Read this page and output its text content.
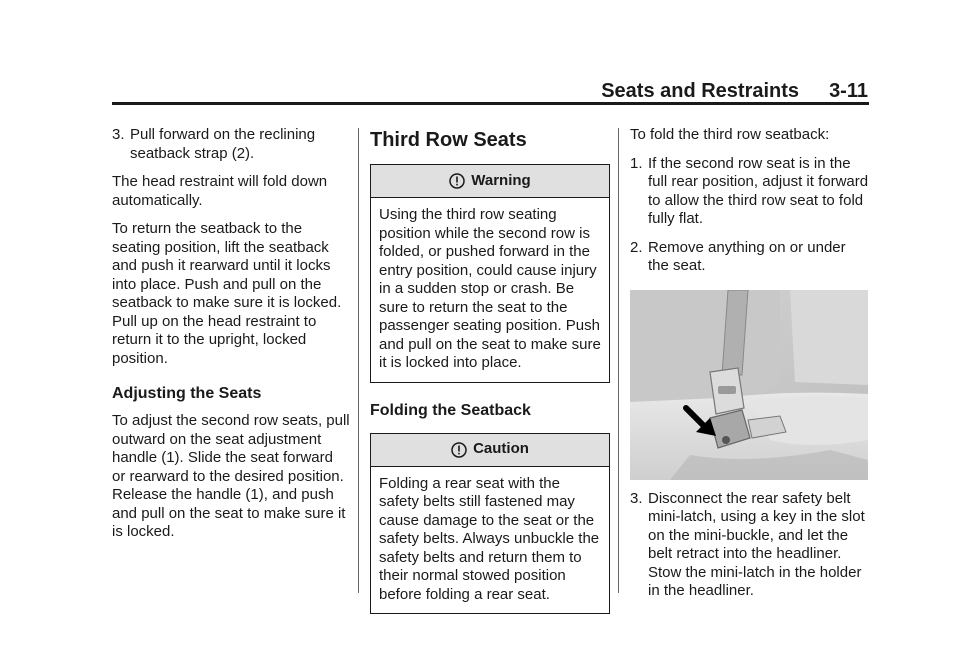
Seats and Restraints 3-11
3. Pull forward on the reclining seatback strap (2).

The head restraint will fold down automatically.

To return the seatback to the seating position, lift the seatback and push it rearward until it locks into place. Push and pull on the seatback to make sure it is locked. Pull up on the head restraint to return it to the upright, locked position.

Adjusting the Seats

To adjust the second row seats, pull outward on the seat adjustment handle (1). Slide the seat forward or rearward to the desired position. Release the handle (1), and push and pull on the seat to make sure it is locked.

Third Row Seats
Warning
Using the third row seating position while the second row is folded, or pushed forward in the entry position, could cause injury in a sudden stop or crash. Be sure to return the seat to the passenger seating position. Push and pull on the seat to make sure it is locked into place.
Folding the Seatback
Caution
Folding a rear seat with the safety belts still fastened may cause damage to the seat or the safety belts. Always unbuckle the safety belts and return them to their normal stowed position before folding a rear seat.

To fold the third row seatback:

1. If the second row seat is in the full rear position, adjust it forward to allow the third row seat to fold fully flat.
2. Remove anything on or under the seat.
3. Disconnect the rear safety belt mini-latch, using a key in the slot on the mini-buckle, and let the belt retract into the headliner. Stow the mini-latch in the holder in the headliner.
